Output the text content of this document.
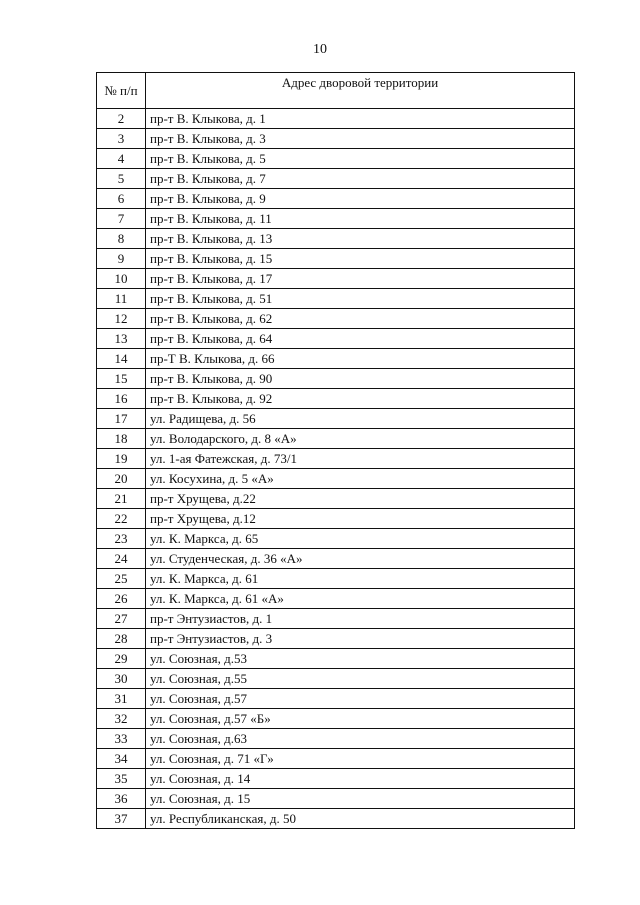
10
№ п/п	Адрес дворовой территории
2	пр-т В. Клыкова, д. 1
3	пр-т В. Клыкова, д. 3
4	пр-т В. Клыкова, д. 5
5	пр-т В. Клыкова, д. 7
6	пр-т В. Клыкова, д. 9
7	пр-т В. Клыкова, д. 11
8	пр-т В. Клыкова, д. 13
9	пр-т В. Клыкова, д. 15
10	пр-т В. Клыкова, д. 17
11	пр-т В. Клыкова, д. 51
12	пр-т В. Клыкова, д. 62
13	пр-т В. Клыкова, д. 64
14	пр-Т В. Клыкова, д. 66
15	пр-т В. Клыкова, д. 90
16	пр-т В. Клыкова, д. 92
17	ул. Радищева, д. 56
18	ул. Володарского, д. 8 «А»
19	ул. 1-ая Фатежская, д. 73/1
20	ул. Косухина, д. 5 «А»
21	пр-т Хрущева, д.22
22	пр-т Хрущева, д.12
23	ул. К. Маркса, д. 65
24	ул. Студенческая, д. 36 «А»
25	ул. К. Маркса, д. 61
26	ул. К. Маркса, д. 61 «А»
27	пр-т Энтузиастов, д. 1
28	пр-т Энтузиастов, д. 3
29	ул. Союзная, д.53
30	ул. Союзная, д.55
31	ул. Союзная, д.57
32	ул. Союзная, д.57 «Б»
33	ул. Союзная, д.63
34	ул. Союзная, д. 71 «Г»
35	ул. Союзная, д. 14
36	ул. Союзная, д. 15
37	ул. Республиканская, д. 50
